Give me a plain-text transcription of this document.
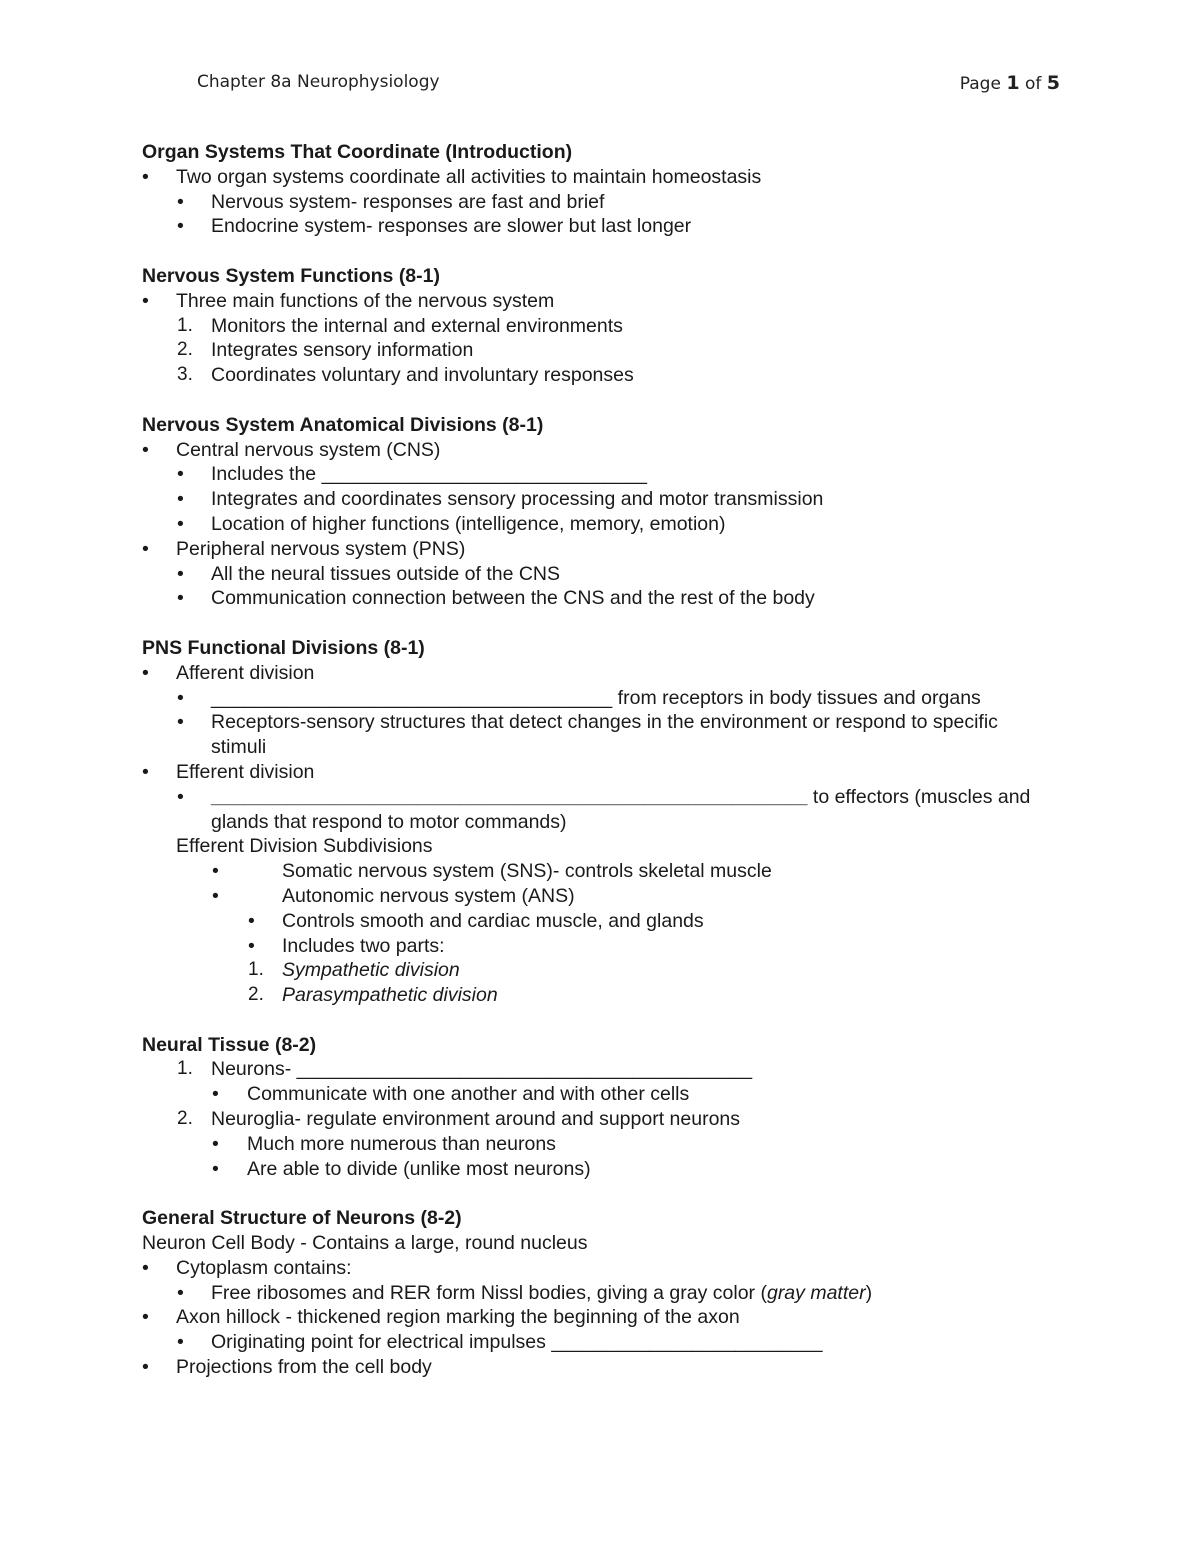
Chapter 8a Neurophysiology	Page 1 of 5
Organ Systems That Coordinate (Introduction)
• Two organ systems coordinate all activities to maintain homeostasis
• Nervous system- responses are fast and brief
• Endocrine system- responses are slower but last longer
Nervous System Functions (8-1)
• Three main functions of the nervous system
1. Monitors the internal and external environments
2. Integrates sensory information
3. Coordinates voluntary and involuntary responses
Nervous System Anatomical Divisions (8-1)
• Central nervous system (CNS)
• Includes the ______________________________
• Integrates and coordinates sensory processing and motor transmission
• Location of higher functions (intelligence, memory, emotion)
• Peripheral nervous system (PNS)
• All the neural tissues outside of the CNS
• Communication connection between the CNS and the rest of the body
PNS Functional Divisions (8-1)
• Afferent division
• _____________________________________ from receptors in body tissues and organs
• Receptors-sensory structures that detect changes in the environment or respond to specific stimuli
• Efferent division
• _______________________________________________________ to effectors (muscles and glands that respond to motor commands)
Efferent Division Subdivisions
•	Somatic nervous system (SNS)- controls skeletal muscle
•	Autonomic nervous system (ANS)
• Controls smooth and cardiac muscle, and glands
• Includes two parts:
1. Sympathetic division
2. Parasympathetic division
Neural Tissue (8-2)
1. Neurons- __________________________________________
• Communicate with one another and with other cells
2. Neuroglia- regulate environment around and support neurons
• Much more numerous than neurons
• Are able to divide (unlike most neurons)
General Structure of Neurons (8-2)
Neuron Cell Body - Contains a large, round nucleus
• Cytoplasm contains:
• Free ribosomes and RER form Nissl bodies, giving a gray color (gray matter)
• Axon hillock - thickened region marking the beginning of the axon
• Originating point for electrical impulses _________________________
• Projections from the cell body
